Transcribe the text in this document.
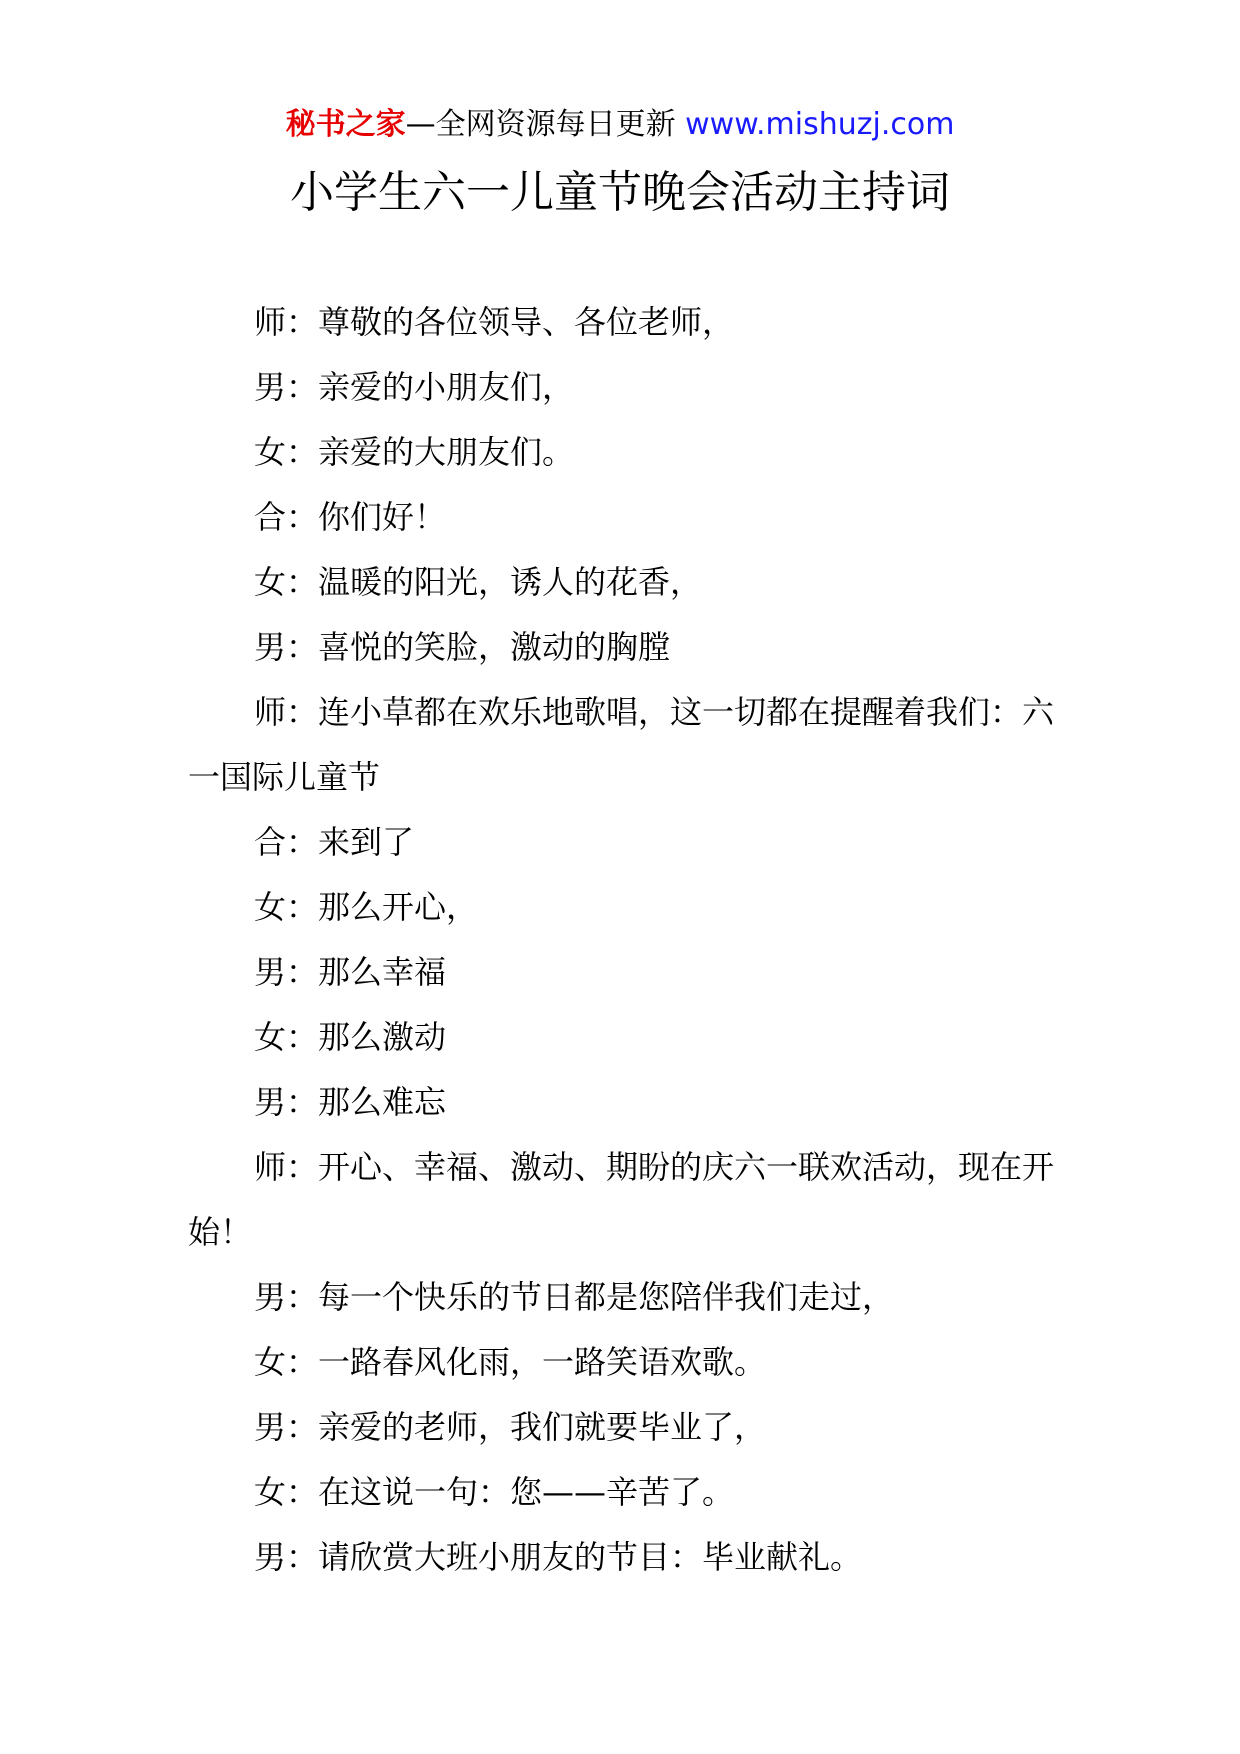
秘书之家—全网资源每日更新 www.mishuzj.com
小学生六一儿童节晚会活动主持词

师：尊敬的各位领导、各位老师，

男：亲爱的小朋友们，

女：亲爱的大朋友们。

合：你们好！

女：温暖的阳光，诱人的花香，

男：喜悦的笑脸，激动的胸膛

师：连小草都在欢乐地歌唱，这一切都在提醒着我们：六一国际儿童节

合：来到了

女：那么开心，

男：那么幸福

女：那么激动

男：那么难忘

师：开心、幸福、激动、期盼的庆六一联欢活动，现在开始！

男：每一个快乐的节日都是您陪伴我们走过，

女：一路春风化雨，一路笑语欢歌。

男：亲爱的老师，我们就要毕业了，

女：在这说一句：您——辛苦了。

男：请欣赏大班小朋友的节目：毕业献礼。
